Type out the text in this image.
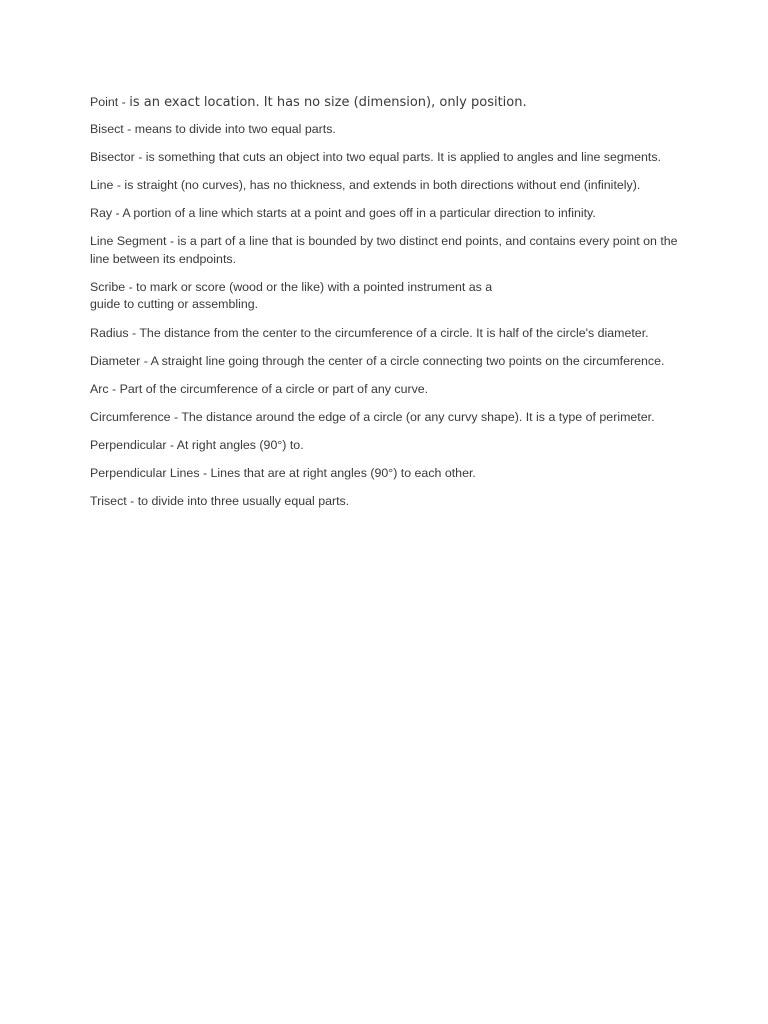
Point - is an exact location. It has no size (dimension), only position.

Bisect - means to divide into two equal parts.

Bisector - is something that cuts an object into two equal parts. It is applied to angles and line segments.

Line - is straight (no curves), has no thickness, and extends in both directions without end (infinitely).

Ray - A portion of a line which starts at a point and goes off in a particular direction to infinity.

Line Segment - is a part of a line that is bounded by two distinct end points, and contains every point on the line between its endpoints.

Scribe - to mark or score (wood or the like) with a pointed instrument as a
guide to cutting or assembling.

Radius - The distance from the center to the circumference of a circle. It is half of the circle's diameter.

Diameter - A straight line going through the center of a circle connecting two points on the circumference.

Arc - Part of the circumference of a circle or part of any curve.

Circumference - The distance around the edge of a circle (or any curvy shape). It is a type of perimeter.

Perpendicular - At right angles (90°) to.

Perpendicular Lines - Lines that are at right angles (90°) to each other.

Trisect - to divide into three usually equal parts.
